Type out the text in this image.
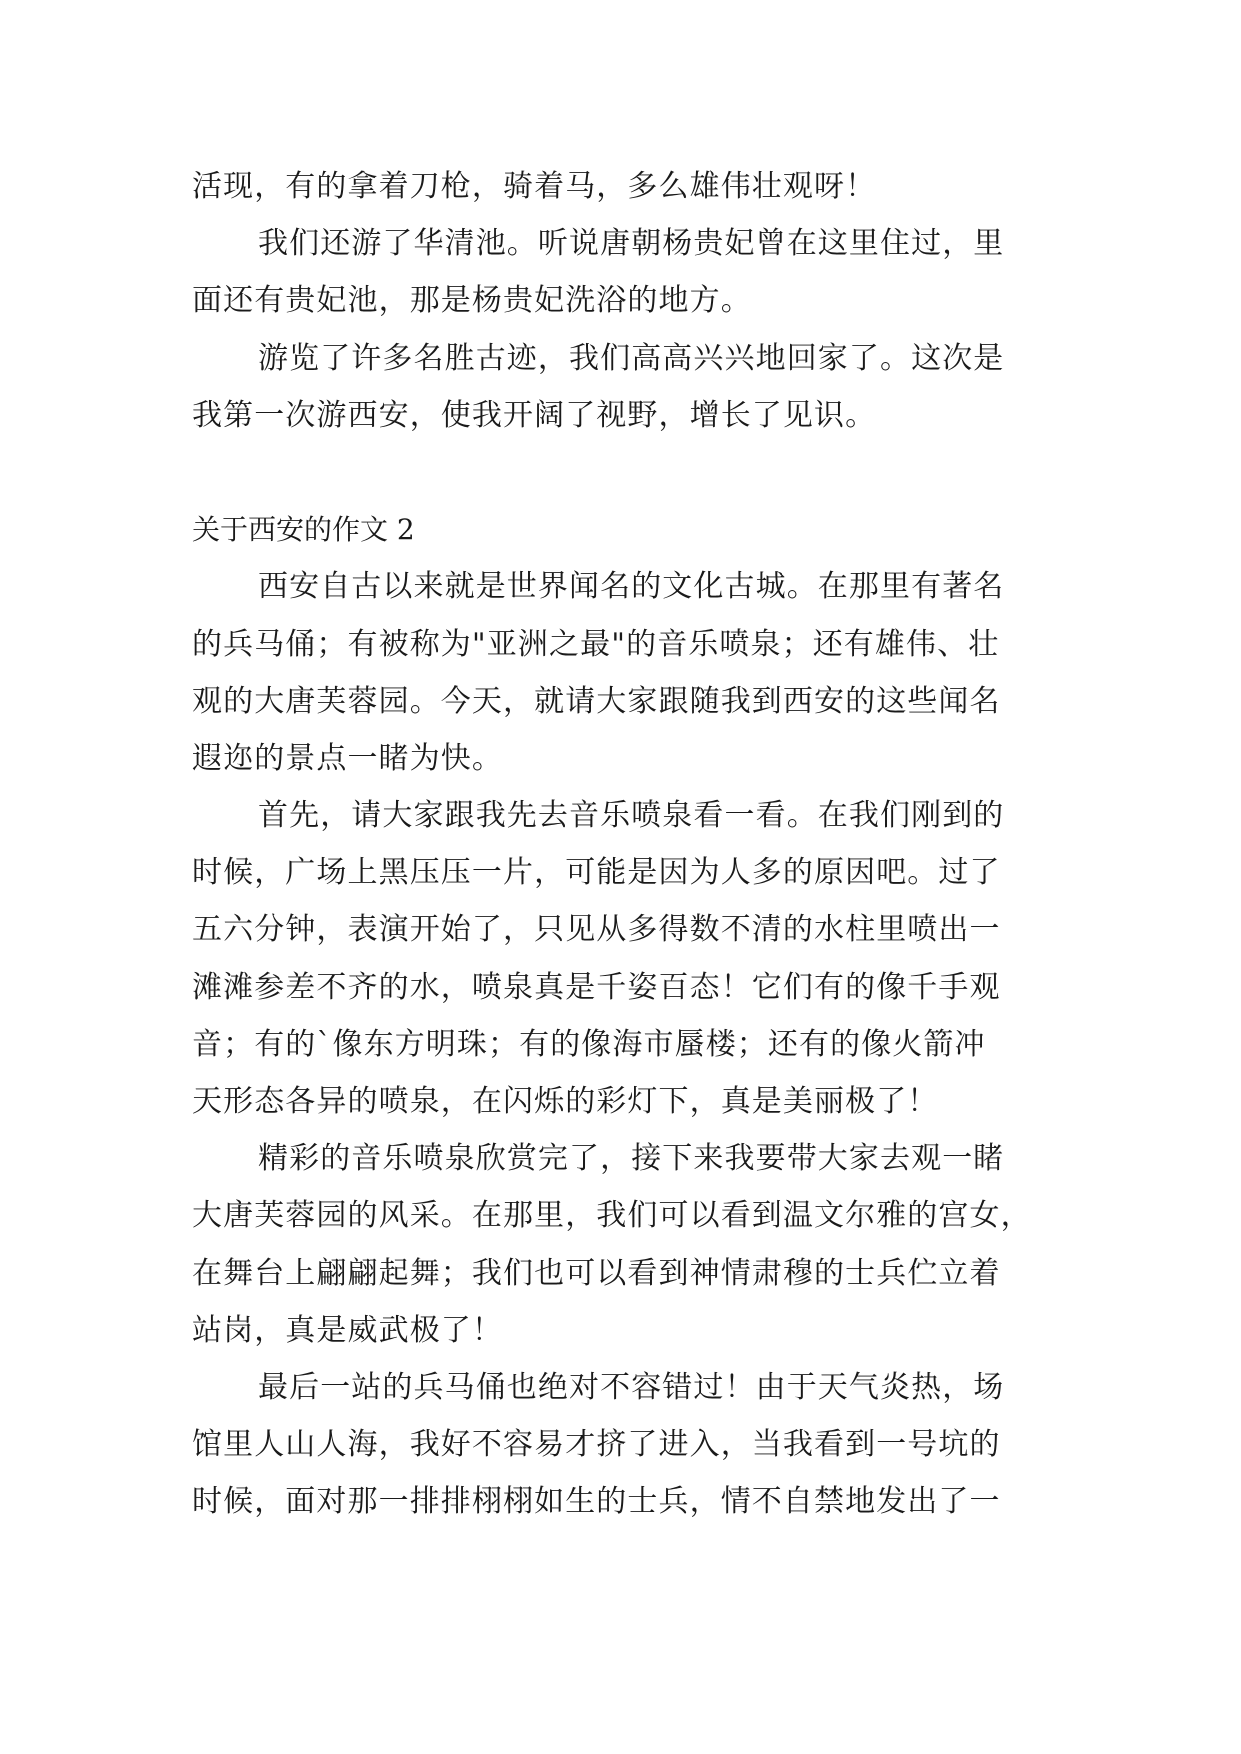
活现，有的拿着刀枪，骑着马，多么雄伟壮观呀！
我们还游了华清池。听说唐朝杨贵妃曾在这里住过，里
面还有贵妃池，那是杨贵妃洗浴的地方。
游览了许多名胜古迹，我们高高兴兴地回家了。这次是
我第一次游西安，使我开阔了视野，增长了见识。
关于西安的作文 2
西安自古以来就是世界闻名的文化古城。在那里有著名
的兵马俑；有被称为"亚洲之最"的音乐喷泉；还有雄伟、壮
观的大唐芙蓉园。今天，就请大家跟随我到西安的这些闻名
遐迩的景点一睹为快。
首先，请大家跟我先去音乐喷泉看一看。在我们刚到的
时候，广场上黑压压一片，可能是因为人多的原因吧。过了
五六分钟，表演开始了，只见从多得数不清的水柱里喷出一
滩滩参差不齐的水，喷泉真是千姿百态！它们有的像千手观
音；有的`像东方明珠；有的像海市蜃楼；还有的像火箭冲
天形态各异的喷泉，在闪烁的彩灯下，真是美丽极了！
精彩的音乐喷泉欣赏完了，接下来我要带大家去观一睹
大唐芙蓉园的风采。在那里，我们可以看到温文尔雅的宫女，
在舞台上翩翩起舞；我们也可以看到神情肃穆的士兵伫立着
站岗，真是威武极了！
最后一站的兵马俑也绝对不容错过！由于天气炎热，场
馆里人山人海，我好不容易才挤了进入，当我看到一号坑的
时候，面对那一排排栩栩如生的士兵，情不自禁地发出了一
